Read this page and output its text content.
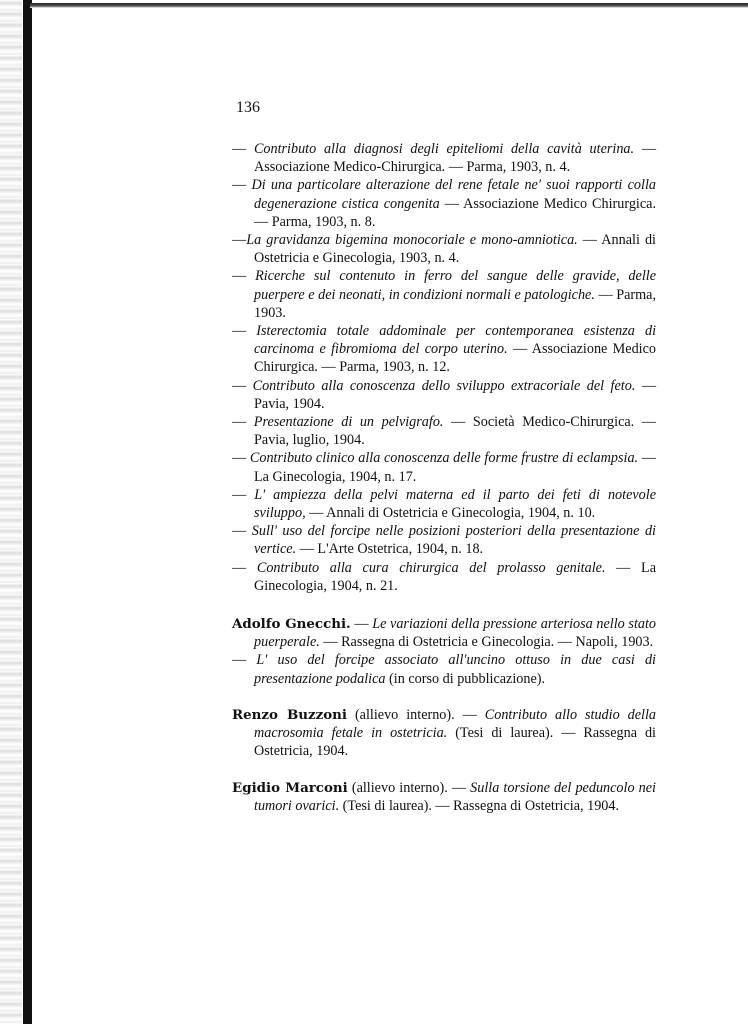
136
— Contributo alla diagnosi degli epiteliomi della cavità uterina. — Associazione Medico-Chirurgica. — Parma, 1903, n. 4.
— Di una particolare alterazione del rene fetale ne' suoi rapporti colla degenerazione cistica congenita — Associazione Medico Chirurgica. — Parma, 1903, n. 8.
—La gravidanza bigemina monocoriale e mono-amniotica. — Annali di Ostetricia e Ginecologia, 1903, n. 4.
— Ricerche sul contenuto in ferro del sangue delle gravide, delle puerpere e dei neonati, in condizioni normali e patologiche. — Parma, 1903.
— Isterectomia totale addominale per contemporanea esistenza di carcinoma e fibromioma del corpo uterino. — Associazione Medico Chirurgica. — Parma, 1903, n. 12.
— Contributo alla conoscenza dello sviluppo extracoriale del feto. — Pavia, 1904.
— Presentazione di un pelvigrafo. — Società Medico-Chirurgica. — Pavia, luglio, 1904.
— Contributo clinico alla conoscenza delle forme frustre di eclampsia. — La Ginecologia, 1904, n. 17.
— L' ampiezza della pelvi materna ed il parto dei feti di notevole sviluppo, — Annali di Ostetricia e Ginecologia, 1904, n. 10.
— Sull' uso del forcipe nelle posizioni posteriori della presentazione di vertice. — L'Arte Ostetrica, 1904, n. 18.
— Contributo alla cura chirurgica del prolasso genitale. — La Ginecologia, 1904, n. 21.
Adolfo Gnecchi. — Le variazioni della pressione arteriosa nello stato puerperale. — Rassegna di Ostetricia e Ginecologia. — Napoli, 1903.
— L' uso del forcipe associato all'uncino ottuso in due casi di presentazione podalica (in corso di pubblicazione).
Renzo Buzzoni (allievo interno). — Contributo allo studio della macrosomia fetale in ostetricia. (Tesi di laurea). — Rassegna di Ostetricia, 1904.
Egidio Marconi (allievo interno). — Sulla torsione del peduncolo nei tumori ovarici. (Tesi di laurea). — Rassegna di Ostetricia, 1904.
